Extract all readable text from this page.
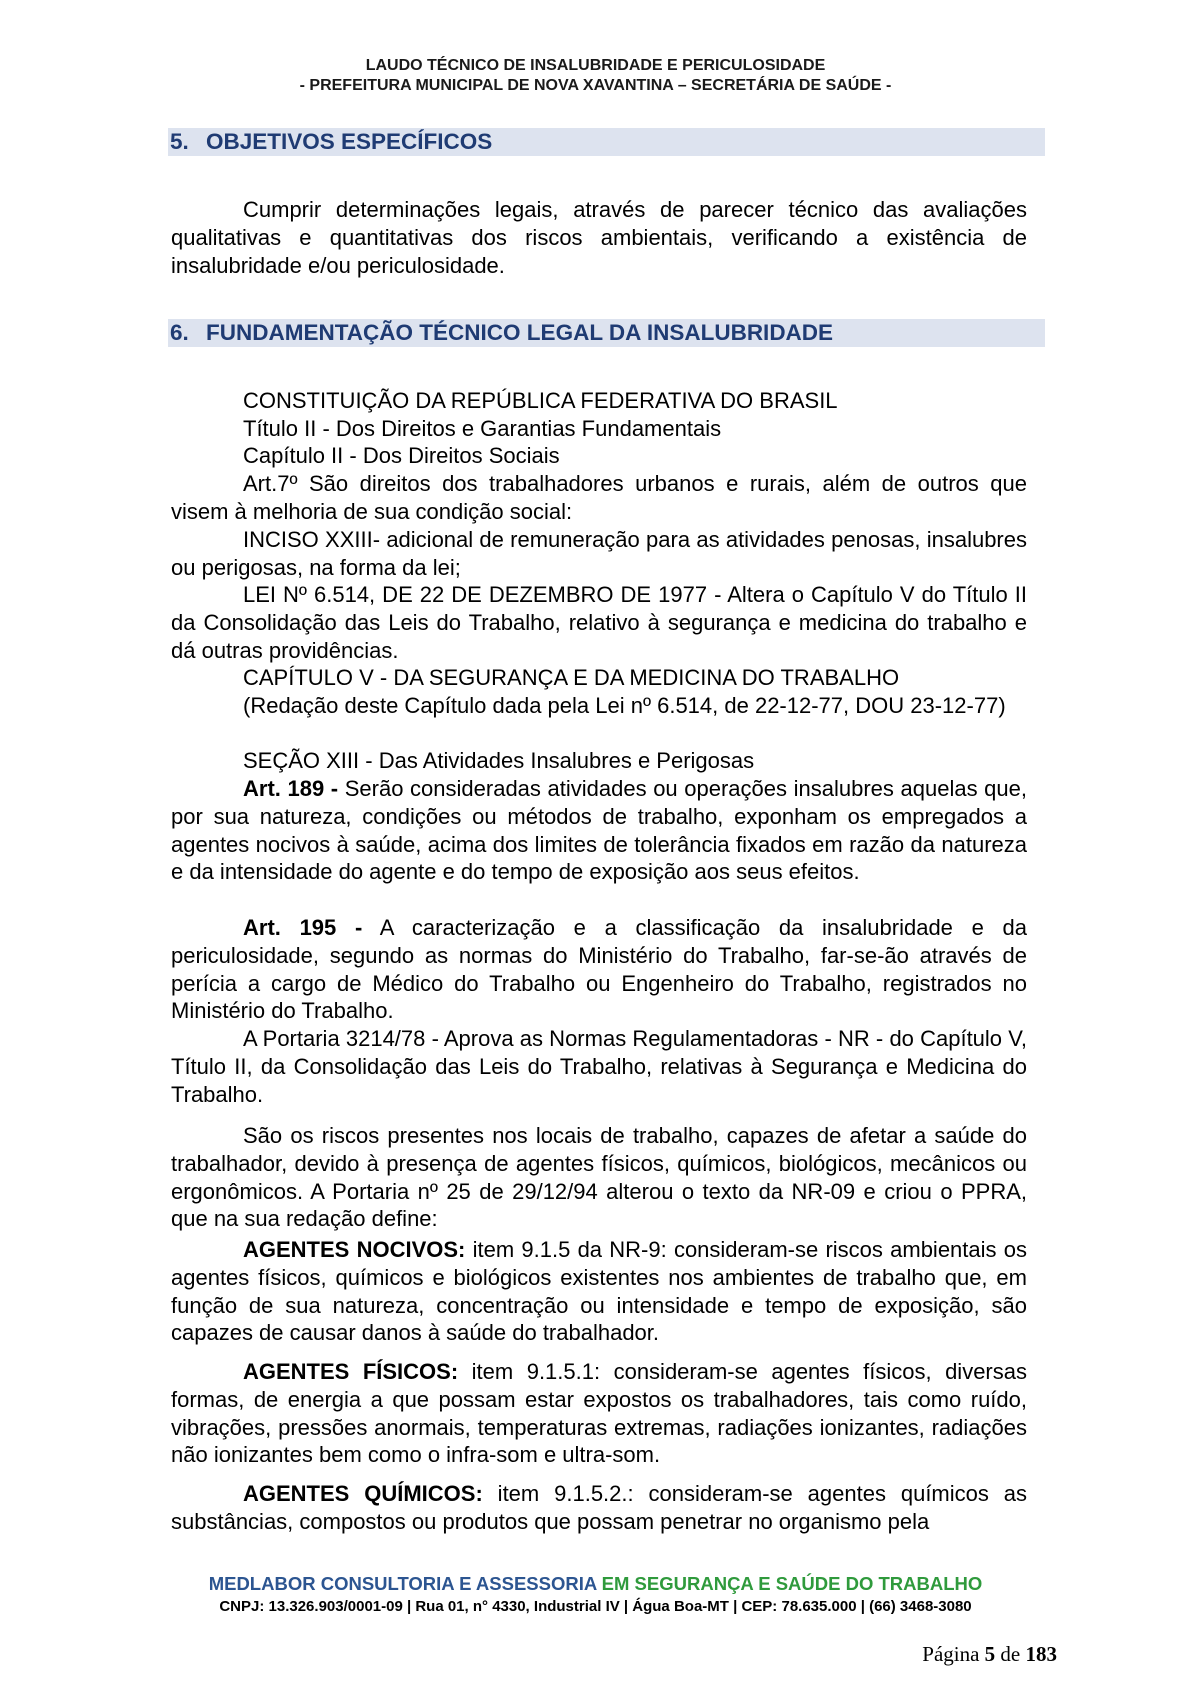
LAUDO TÉCNICO DE INSALUBRIDADE E PERICULOSIDADE
- PREFEITURA MUNICIPAL DE NOVA XAVANTINA – SECRETÁRIA DE SAÚDE -
5. OBJETIVOS ESPECÍFICOS

Cumprir determinações legais, através de parecer técnico das avaliações qualitativas e quantitativas dos riscos ambientais, verificando a existência de insalubridade e/ou periculosidade.

6. FUNDAMENTAÇÃO TÉCNICO LEGAL DA INSALUBRIDADE

CONSTITUIÇÃO DA REPÚBLICA FEDERATIVA DO BRASIL

Título II - Dos Direitos e Garantias Fundamentais

Capítulo II - Dos Direitos Sociais

Art.7º São direitos dos trabalhadores urbanos e rurais, além de outros que visem à melhoria de sua condição social:

INCISO XXIII- adicional de remuneração para as atividades penosas, insalubres ou perigosas, na forma da lei;

LEI Nº 6.514, DE 22 DE DEZEMBRO DE 1977 - Altera o Capítulo V do Título II da Consolidação das Leis do Trabalho, relativo à segurança e medicina do trabalho e dá outras providências.

CAPÍTULO V - DA SEGURANÇA E DA MEDICINA DO TRABALHO

(Redação deste Capítulo dada pela Lei nº 6.514, de 22-12-77, DOU 23-12-77)

SEÇÃO XIII - Das Atividades Insalubres e Perigosas

Art. 189 - Serão consideradas atividades ou operações insalubres aquelas que, por sua natureza, condições ou métodos de trabalho, exponham os empregados a agentes nocivos à saúde, acima dos limites de tolerância fixados em razão da natureza e da intensidade do agente e do tempo de exposição aos seus efeitos.

Art. 195 - A caracterização e a classificação da insalubridade e da periculosidade, segundo as normas do Ministério do Trabalho, far-se-ão através de perícia a cargo de Médico do Trabalho ou Engenheiro do Trabalho, registrados no Ministério do Trabalho.

A Portaria 3214/78 - Aprova as Normas Regulamentadoras - NR - do Capítulo V, Título II, da Consolidação das Leis do Trabalho, relativas à Segurança e Medicina do Trabalho.

São os riscos presentes nos locais de trabalho, capazes de afetar a saúde do trabalhador, devido à presença de agentes físicos, químicos, biológicos, mecânicos ou ergonômicos. A Portaria nº 25 de 29/12/94 alterou o texto da NR-09 e criou o PPRA, que na sua redação define:

AGENTES NOCIVOS: item 9.1.5 da NR-9: consideram-se riscos ambientais os agentes físicos, químicos e biológicos existentes nos ambientes de trabalho que, em função de sua natureza, concentração ou intensidade e tempo de exposição, são capazes de causar danos à saúde do trabalhador.

AGENTES FÍSICOS: item 9.1.5.1: consideram-se agentes físicos, diversas formas, de energia a que possam estar expostos os trabalhadores, tais como ruído, vibrações, pressões anormais, temperaturas extremas, radiações ionizantes, radiações não ionizantes bem como o infra-som e ultra-som.

AGENTES QUÍMICOS: item 9.1.5.2.: consideram-se agentes químicos as substâncias, compostos ou produtos que possam penetrar no organismo pela

MEDLABOR CONSULTORIA E ASSESSORIA EM SEGURANÇA E SAÚDE DO TRABALHO
CNPJ: 13.326.903/0001-09 | Rua 01, n° 4330, Industrial IV | Água Boa-MT | CEP: 78.635.000 | (66) 3468-3080
Página 5 de 183
